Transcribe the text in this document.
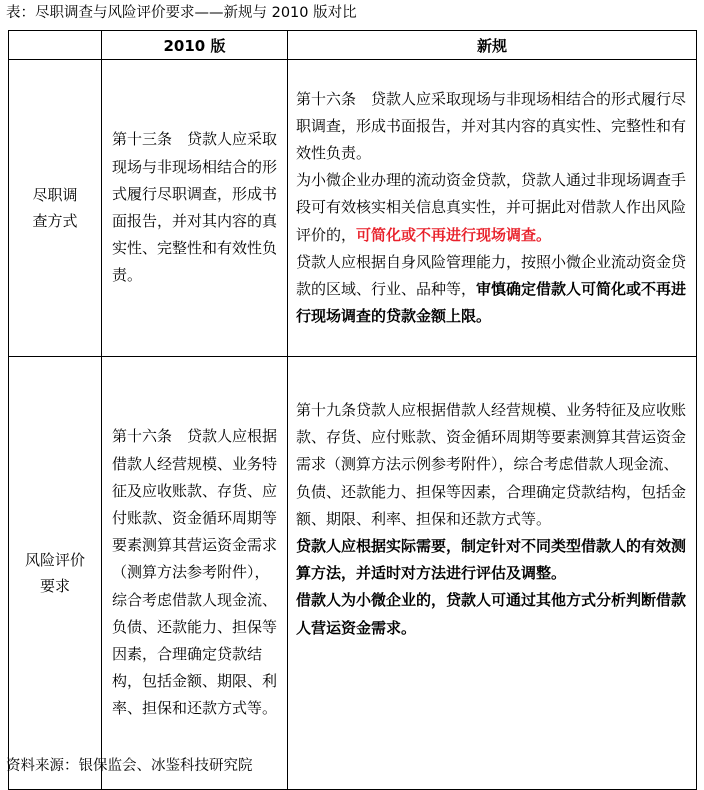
表：尽职调查与风险评价要求——新规与 2010 版对比
	2010 版	新规

尽职调查方式	第十三条　贷款人应采取现场与非现场相结合的形式履行尽职调查，形成书面报告，并对其内容的真实性、完整性和有效性负责。	第十六条　贷款人应采取现场与非现场相结合的形式履行尽职调查，形成书面报告，并对其内容的真实性、完整性和有效性负责。

为小微企业办理的流动资金贷款，贷款人通过非现场调查手段可有效核实相关信息真实性，并可据此对借款人作出风险评价的，可简化或不再进行现场调查。

贷款人应根据自身风险管理能力，按照小微企业流动资金贷款的区域、行业、品种等，审慎确定借款人可简化或不再进行现场调查的贷款金额上限。

风险评价要求	第十六条　贷款人应根据借款人经营规模、业务特征及应收账款、存货、应付账款、资金循环周期等要素测算其营运资金需求（测算方法参考附件），综合考虑借款人现金流、负债、还款能力、担保等因素，合理确定贷款结构，包括金额、期限、利率、担保和还款方式等。	第十九条贷款人应根据借款人经营规模、业务特征及应收账款、存货、应付账款、资金循环周期等要素测算其营运资金需求（测算方法示例参考附件），综合考虑借款人现金流、负债、还款能力、担保等因素，合理确定贷款结构，包括金额、期限、利率、担保和还款方式等。

贷款人应根据实际需要，制定针对不同类型借款人的有效测算方法，并适时对方法进行评估及调整。

借款人为小微企业的，贷款人可通过其他方式分析判断借款人营运资金需求。

资料来源：银保监会、冰鉴科技研究院
